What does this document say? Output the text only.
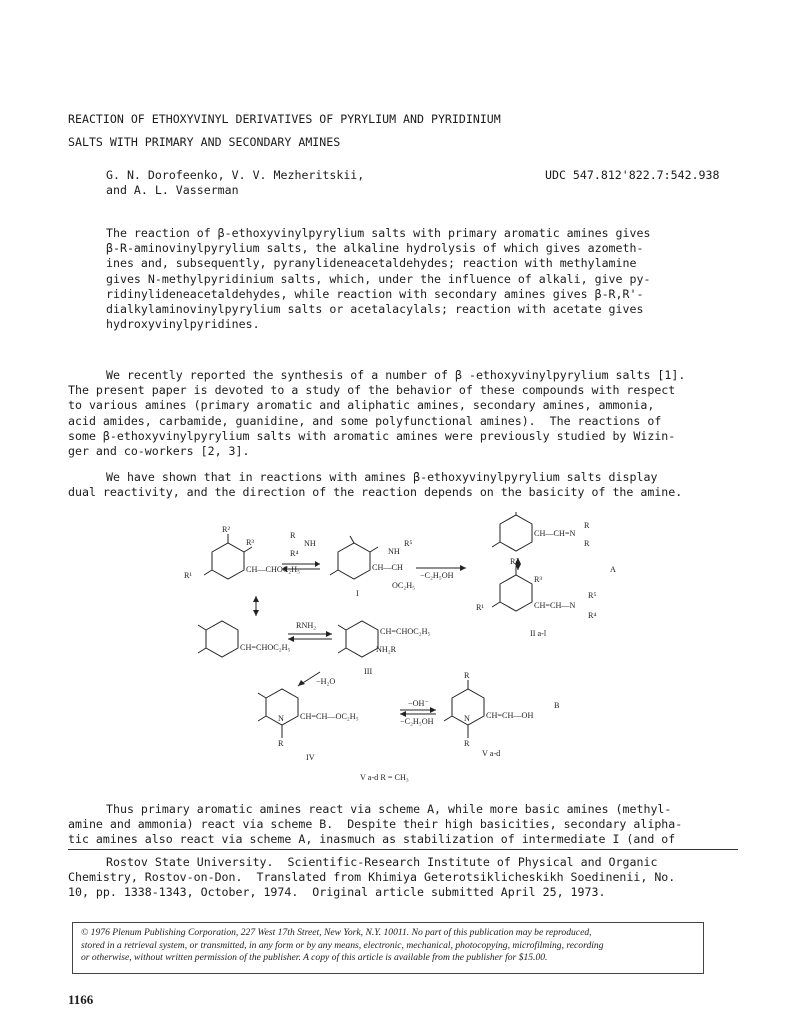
REACTION OF ETHOXYVINYL DERIVATIVES OF PYRYLIUM AND PYRIDINIUM
SALTS WITH PRIMARY AND SECONDARY AMINES
G. N. Dorofeenko, V. V. Mezheritskii,
and A. L. Vasserman
UDC 547.812'822.7:542.938
The reaction of β-ethoxyvinylpyrylium salts with primary aromatic amines gives
β-R-aminovinylpyrylium salts, the alkaline hydrolysis of which gives azometh-
ines and, subsequently, pyranylideneacetaldehydes; reaction with methylamine
gives N-methylpyridinium salts, which, under the influence of alkali, give py-
ridinylideneacetaldehydes, while reaction with secondary amines gives β-R,R'-
dialkylaminovinylpyrylium salts or acetalacylals; reaction with acetate gives
hydroxyvinylpyridines.
We recently reported the synthesis of a number of β -ethoxyvinylpyrylium salts [1].
The present paper is devoted to a study of the behavior of these compounds with respect
to various amines (primary aromatic and aliphatic amines, secondary amines, ammonia,
acid amides, carbamide, guanidine, and some polyfunctional amines).  The reactions of
some β-ethoxyvinylpyrylium salts with aromatic amines were previously studied by Wizin-
ger and co-workers [2, 3].
We have shown that in reactions with amines β-ethoxyvinylpyrylium salts display
dual reactivity, and the direction of the reaction depends on the basicity of the amine.
R²
R³
R¹
CH—CHOC₂H₅
R
NH
R⁴	NH
R⁵
CH—CH
OC₂H₅
I
−C₂H₅OH
CH—CH=N
R
R
A
R²
R³
R¹	CH=CH—N
R⁵
R⁴
II a-l
RNH₂
CH=CHOC₂H₅
CH=CHOC₂H₅
NH₂R
III
−H₂O
CH=CH—OC₂H₅
N
R
IV
−OH⁻
−C₂H₅OH
CH=CH—OH
R
N
R
V a-d
B
V a-d R = CH₃
Thus primary aromatic amines react via scheme A, while more basic amines (methyl-
amine and ammonia) react via scheme B.  Despite their high basicities, secondary alipha-
tic amines also react via scheme A, inasmuch as stabilization of intermediate I (and of
Rostov State University.  Scientific-Research Institute of Physical and Organic
Chemistry, Rostov-on-Don.  Translated from Khimiya Geterotsiklicheskikh Soedinenii, No.
10, pp. 1338-1343, October, 1974.  Original article submitted April 25, 1973.
© 1976 Plenum Publishing Corporation, 227 West 17th Street, New York, N.Y. 10011. No part of this publication may be reproduced,
stored in a retrieval system, or transmitted, in any form or by any means, electronic, mechanical, photocopying, microfilming, recording
or otherwise, without written permission of the publisher. A copy of this article is available from the publisher for $15.00.
1166
